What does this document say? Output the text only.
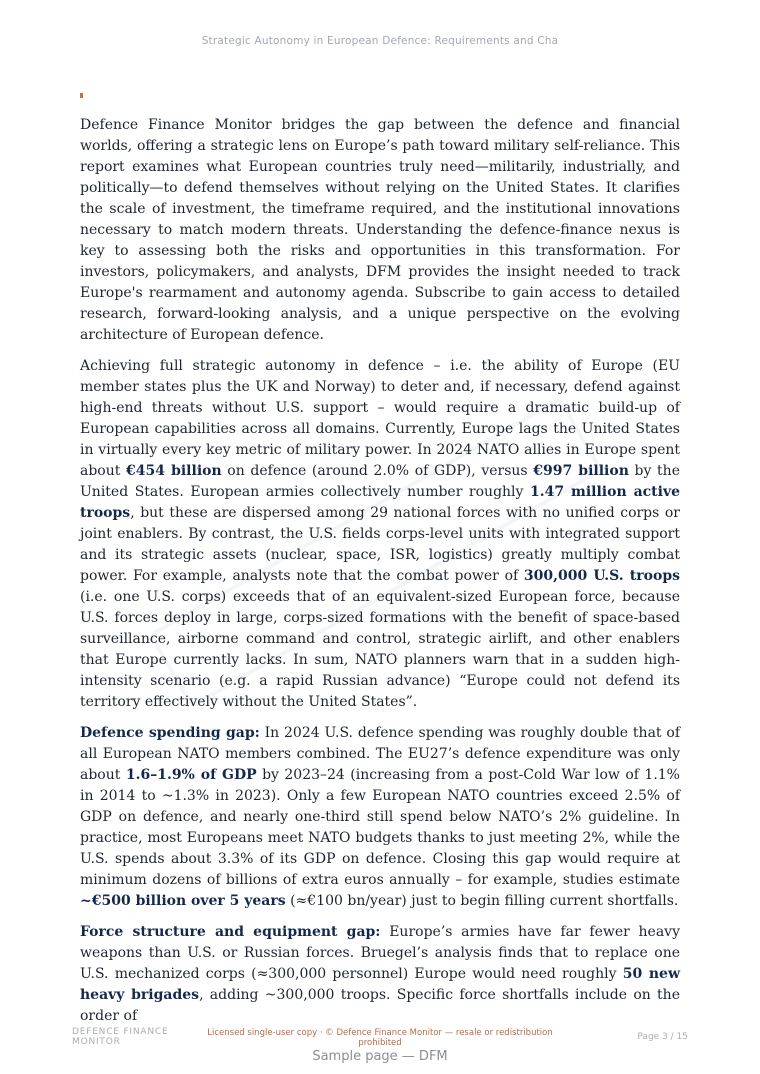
Strategic Autonomy in European Defence: Requirements and Cha

Defence Finance Monitor bridges the gap between the defence and financial worlds, offering a strategic lens on Europe’s path toward military self-reliance. This report examines what European countries truly need—militarily, industrially, and politically—to defend themselves without relying on the United States. It clarifies the scale of investment, the timeframe required, and the institutional innovations necessary to match modern threats. Understanding the defence-finance nexus is key to assessing both the risks and opportunities in this transformation. For investors, policymakers, and analysts, DFM provides the insight needed to track Europe's rearmament and autonomy agenda. Subscribe to gain access to detailed research, forward-looking analysis, and a unique perspective on the evolving architecture of European defence.

Achieving full strategic autonomy in defence – i.e. the ability of Europe (EU member states plus the UK and Norway) to deter and, if necessary, defend against high-end threats without U.S. support – would require a dramatic build-up of European capabilities across all domains. Currently, Europe lags the United States in virtually every key metric of military power. In 2024 NATO allies in Europe spent about €454 billion on defence (around 2.0% of GDP), versus €997 billion by the United States. European armies collectively number roughly 1.47 million active troops, but these are dispersed among 29 national forces with no unified corps or joint enablers. By contrast, the U.S. fields corps-level units with integrated support and its strategic assets (nuclear, space, ISR, logistics) greatly multiply combat power. For example, analysts note that the combat power of 300,000 U.S. troops (i.e. one U.S. corps) exceeds that of an equivalent-sized European force, because U.S. forces deploy in large, corps-sized formations with the benefit of space-based surveillance, airborne command and control, strategic airlift, and other enablers that Europe currently lacks. In sum, NATO planners warn that in a sudden high-intensity scenario (e.g. a rapid Russian advance) “Europe could not defend its territory effectively without the United States”.

Defence spending gap: In 2024 U.S. defence spending was roughly double that of all European NATO members combined. The EU27’s defence expenditure was only about 1.6–1.9% of GDP by 2023–24 (increasing from a post-Cold War low of 1.1% in 2014 to ~1.3% in 2023). Only a few European NATO countries exceed 2.5% of GDP on defence, and nearly one-third still spend below NATO’s 2% guideline. In practice, most Europeans meet NATO budgets thanks to just meeting 2%, while the U.S. spends about 3.3% of its GDP on defence. Closing this gap would require at minimum dozens of billions of extra euros annually – for example, studies estimate ~€500 billion over 5 years (≈€100 bn/year) just to begin filling current shortfalls.

Force structure and equipment gap: Europe’s armies have far fewer heavy weapons than U.S. or Russian forces. Bruegel’s analysis finds that to replace one U.S. mechanized corps (≈300,000 personnel) Europe would need roughly 50 new heavy brigades, adding ~300,000 troops. Specific force shortfalls include on the order of

DEFENCE FINANCE
MONITOR
Licensed single-user copy · © Defence Finance Monitor — resale or redistribution
prohibited
Page 3 / 15
Sample page — DFM
